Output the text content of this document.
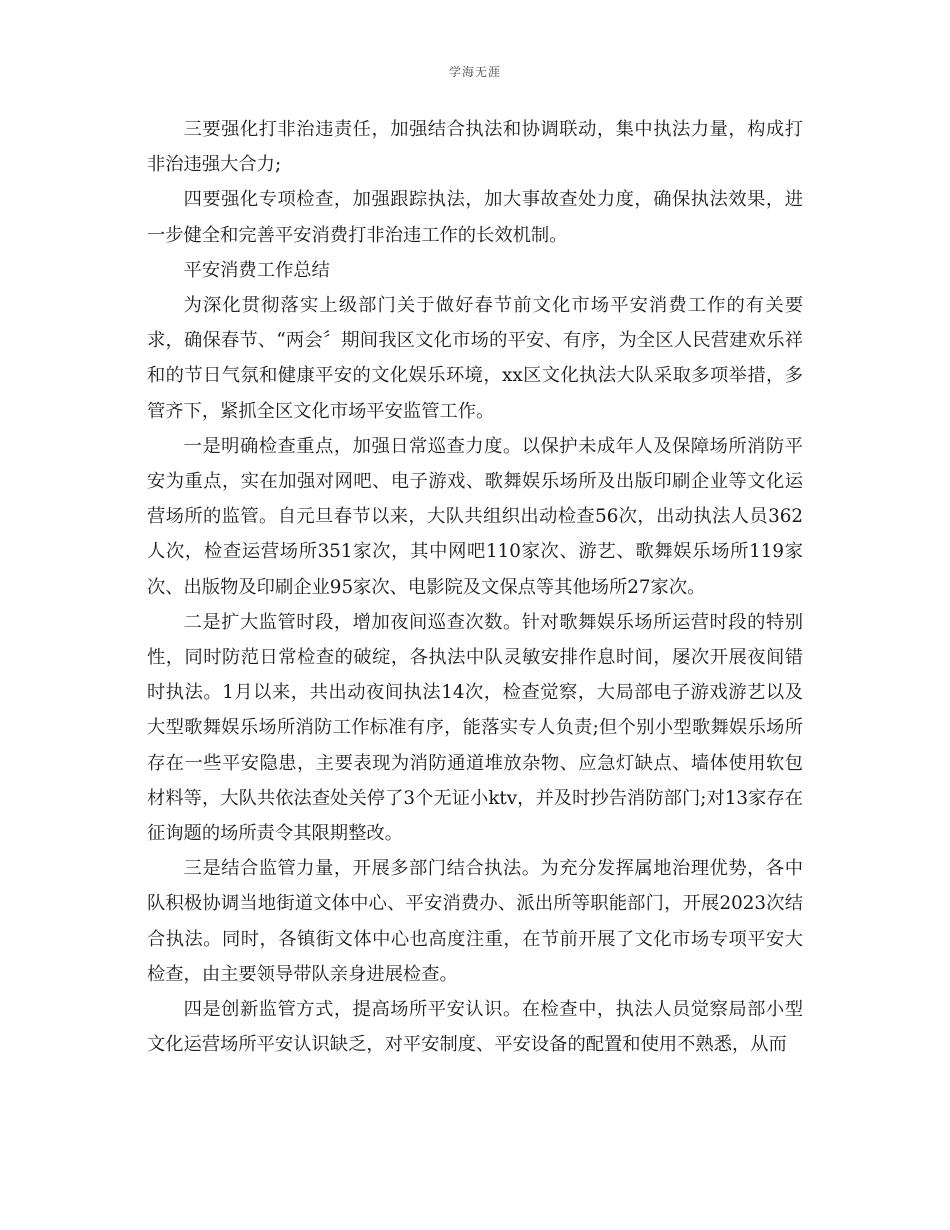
学海无涯

三要强化打非治违责任，加强结合执法和协调联动，集中执法力量，构成打非治违强大合力;

四要强化专项检查，加强跟踪执法，加大事故查处力度，确保执法效果，进一步健全和完善平安消费打非治违工作的长效机制。

平安消费工作总结

为深化贯彻落实上级部门关于做好春节前文化市场平安消费工作的有关要求，确保春节、“两会〞期间我区文化市场的平安、有序，为全区人民营建欢乐祥和的节日气氛和健康平安的文化娱乐环境，xx区文化执法大队采取多项举措，多管齐下，紧抓全区文化市场平安监管工作。

一是明确检查重点，加强日常巡查力度。以保护未成年人及保障场所消防平安为重点，实在加强对网吧、电子游戏、歌舞娱乐场所及出版印刷企业等文化运营场所的监管。自元旦春节以来，大队共组织出动检查56次，出动执法人员362人次，检查运营场所351家次，其中网吧110家次、游艺、歌舞娱乐场所119家次、出版物及印刷企业95家次、电影院及文保点等其他场所27家次。

二是扩大监管时段，增加夜间巡查次数。针对歌舞娱乐场所运营时段的特别性，同时防范日常检查的破绽，各执法中队灵敏安排作息时间，屡次开展夜间错时执法。1月以来，共出动夜间执法14次，检查觉察，大局部电子游戏游艺以及大型歌舞娱乐场所消防工作标准有序，能落实专人负责;但个别小型歌舞娱乐场所存在一些平安隐患，主要表现为消防通道堆放杂物、应急灯缺点、墙体使用软包材料等，大队共依法查处关停了3个无证小ktv，并及时抄告消防部门;对13家存在征询题的场所责令其限期整改。

三是结合监管力量，开展多部门结合执法。为充分发挥属地治理优势，各中队积极协调当地街道文体中心、平安消费办、派出所等职能部门，开展2023次结合执法。同时，各镇街文体中心也高度注重，在节前开展了文化市场专项平安大检查，由主要领导带队亲身进展检查。

四是创新监管方式，提高场所平安认识。在检查中，执法人员觉察局部小型文化运营场所平安认识缺乏，对平安制度、平安设备的配置和使用不熟悉，从而
